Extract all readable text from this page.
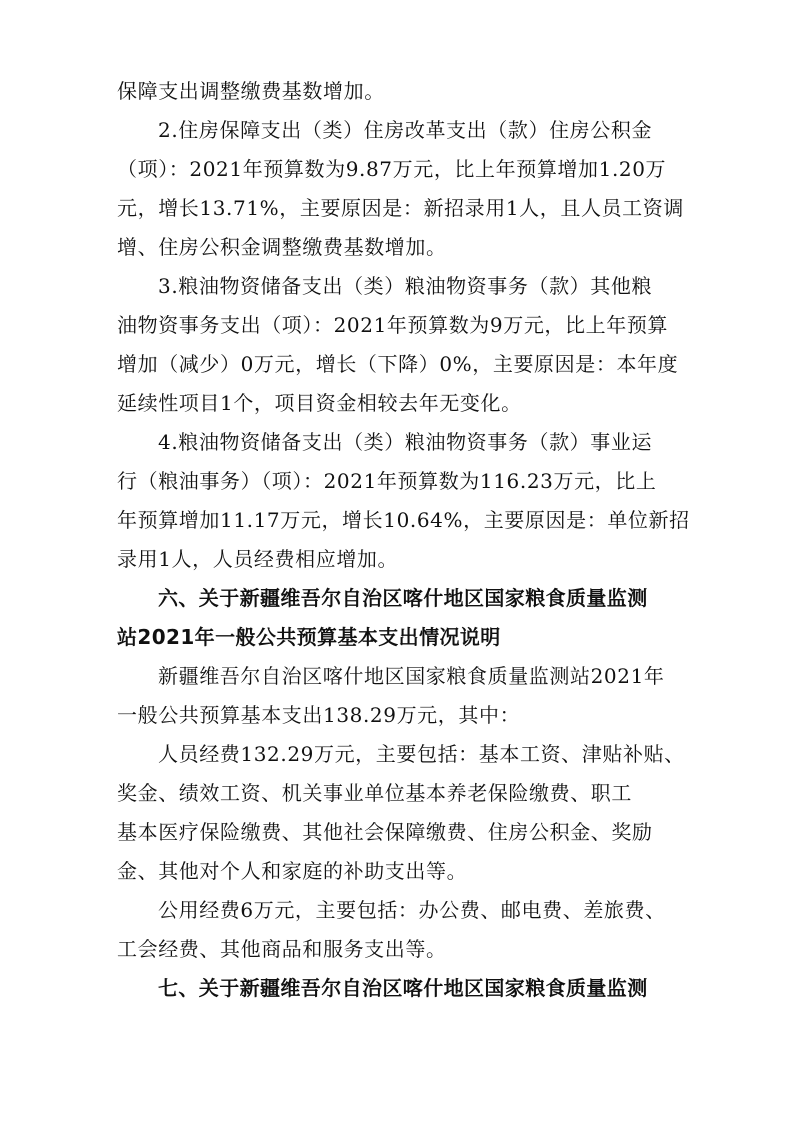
保障支出调整缴费基数增加。
2.住房保障支出（类）住房改革支出（款）住房公积金
（项）：2021年预算数为9.87万元，比上年预算增加1.20万
元，增长13.71%，主要原因是：新招录用1人，且人员工资调
增、住房公积金调整缴费基数增加。
3.粮油物资储备支出（类）粮油物资事务（款）其他粮
油物资事务支出（项）：2021年预算数为9万元，比上年预算
增加（减少）0万元，增长（下降）0%，主要原因是：本年度
延续性项目1个，项目资金相较去年无变化。
4.粮油物资储备支出（类）粮油物资事务（款）事业运
行（粮油事务）（项）：2021年预算数为116.23万元，比上
年预算增加11.17万元，增长10.64%，主要原因是：单位新招
录用1人，人员经费相应增加。
六、关于新疆维吾尔自治区喀什地区国家粮食质量监测
站2021年一般公共预算基本支出情况说明
新疆维吾尔自治区喀什地区国家粮食质量监测站2021年
一般公共预算基本支出138.29万元，其中：
人员经费132.29万元，主要包括：基本工资、津贴补贴、
奖金、绩效工资、机关事业单位基本养老保险缴费、职工
基本医疗保险缴费、其他社会保障缴费、住房公积金、奖励
金、其他对个人和家庭的补助支出等。
公用经费6万元，主要包括：办公费、邮电费、差旅费、
工会经费、其他商品和服务支出等。
七、关于新疆维吾尔自治区喀什地区国家粮食质量监测
